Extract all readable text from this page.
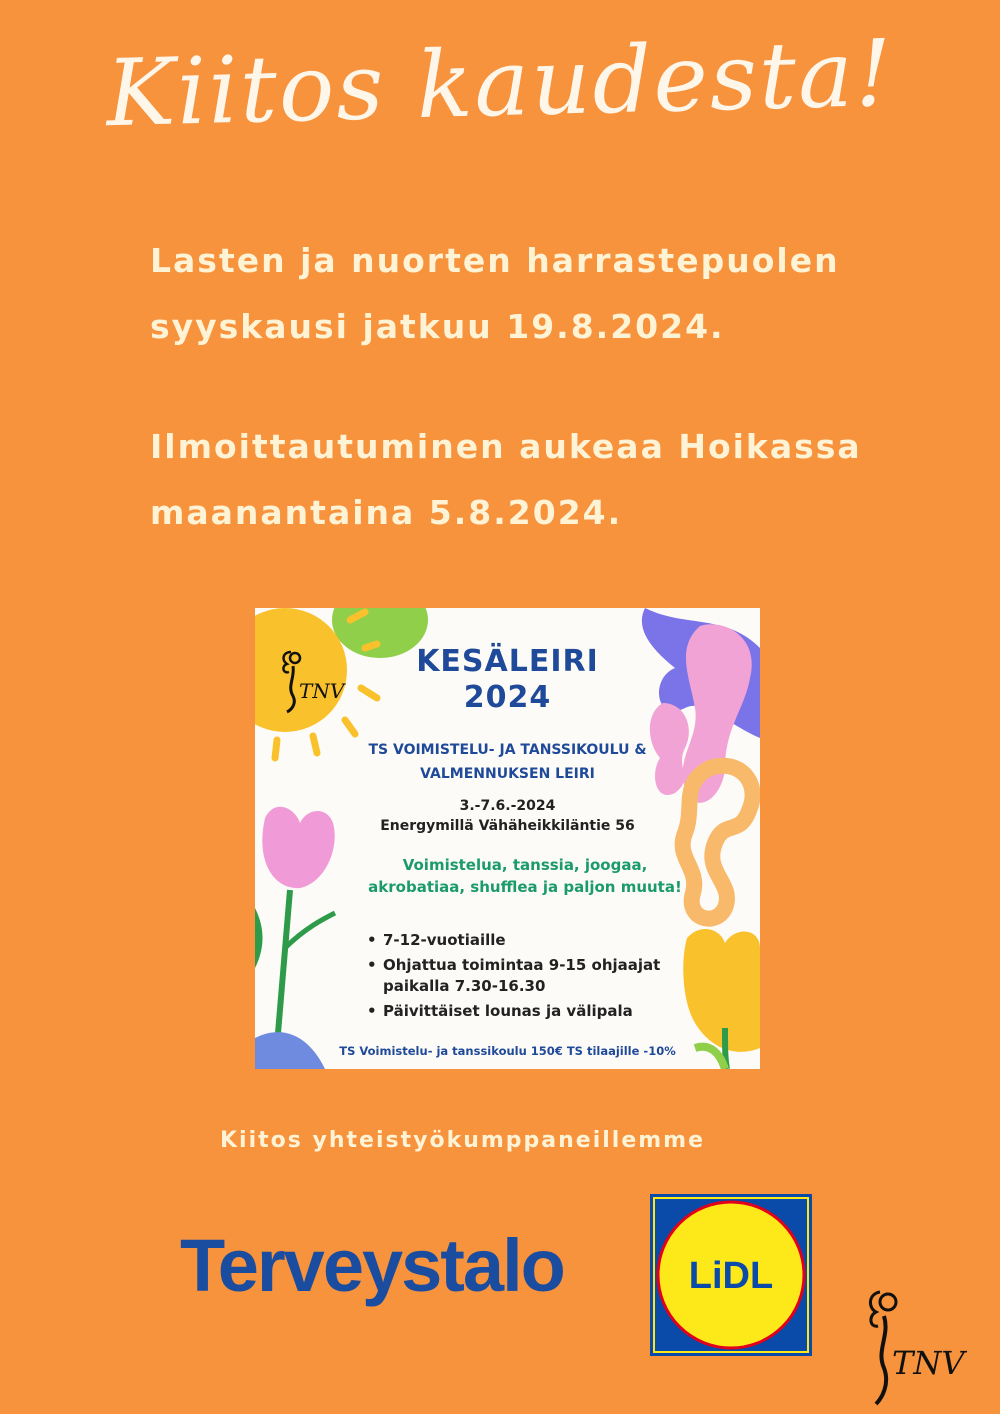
Kiitos kaudesta!
Lasten ja nuorten harrastepuolen
syyskausi jatkuu 19.8.2024.
Ilmoittautuminen aukeaa Hoikassa
maanantaina 5.8.2024.
TNV
KESÄLEIRI
2024
TS VOIMISTELU- JA TANSSIKOULU &
VALMENNUKSEN LEIRI
3.-7.6.-2024
Energymillä Vähäheikkiläntie 56
Voimistelua, tanssia, joogaa, akrobatiaa, shufflea ja paljon muuta!
• 7-12-vuotiaille
• Ohjattua toimintaa 9-15 ohjaajat paikalla 7.30-16.30
• Päivittäiset lounas ja välipala
TS Voimistelu- ja tanssikoulu 150€ TS tilaajille -10%
Kiitos yhteistyökumppaneillemme
Terveystalo	LiDL
TNV
